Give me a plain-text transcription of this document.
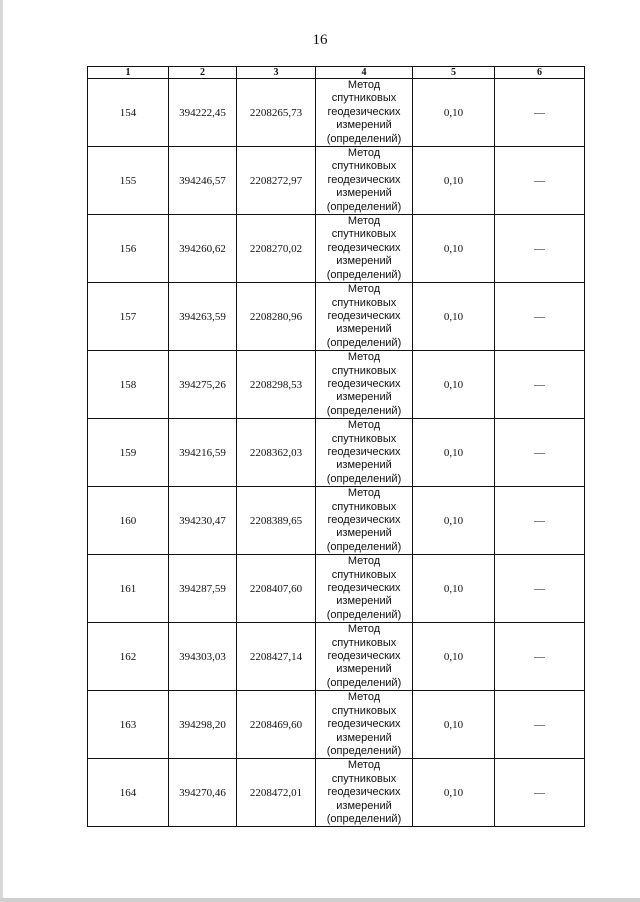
16
1	2	3	4	5	6
154	394222,45	2208265,73	Метод спутниковых геодезических измерений (определений)	0,10	—
155	394246,57	2208272,97	Метод спутниковых геодезических измерений (определений)	0,10	—
156	394260,62	2208270,02	Метод спутниковых геодезических измерений (определений)	0,10	—
157	394263,59	2208280,96	Метод спутниковых геодезических измерений (определений)	0,10	—
158	394275,26	2208298,53	Метод спутниковых геодезических измерений (определений)	0,10	—
159	394216,59	2208362,03	Метод спутниковых геодезических измерений (определений)	0,10	—
160	394230,47	2208389,65	Метод спутниковых геодезических измерений (определений)	0,10	—
161	394287,59	2208407,60	Метод спутниковых геодезических измерений (определений)	0,10	—
162	394303,03	2208427,14	Метод спутниковых геодезических измерений (определений)	0,10	—
163	394298,20	2208469,60	Метод спутниковых геодезических измерений (определений)	0,10	—
164	394270,46	2208472,01	Метод спутниковых геодезических измерений (определений)	0,10	—
